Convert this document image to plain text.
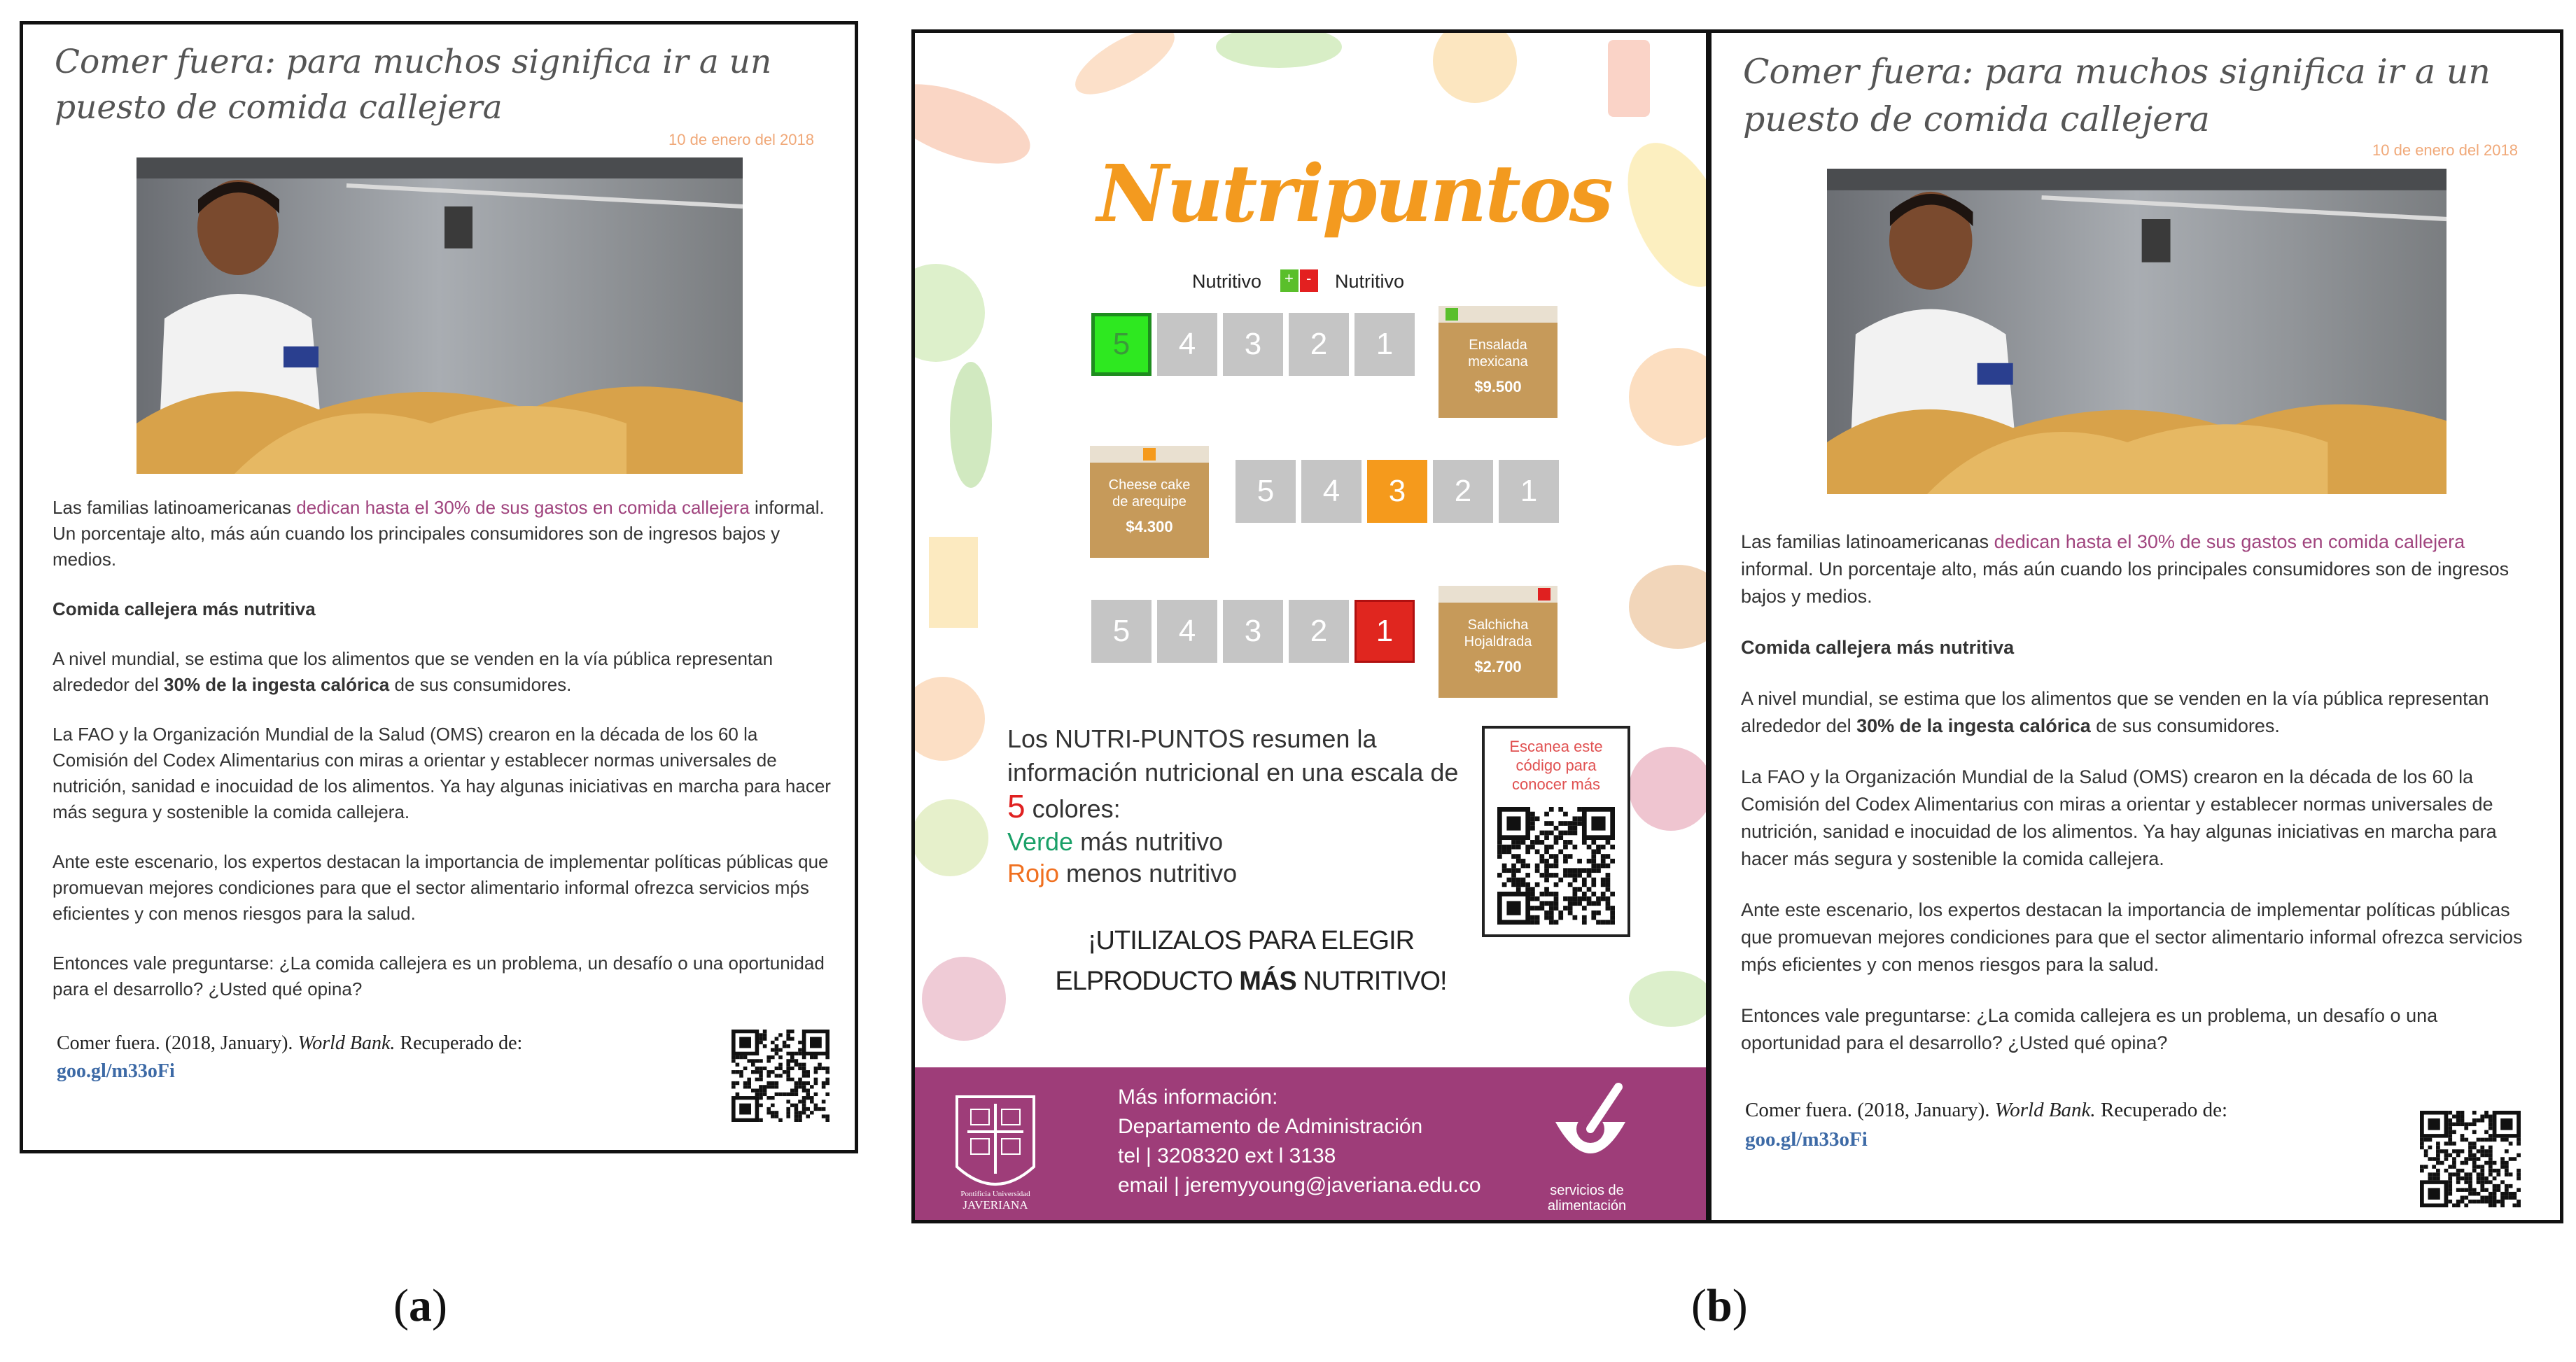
Comer fuera: para muchos significa ir a un puesto de comida callejera
10 de enero del 2018

Las familias latinoamericanas dedican hasta el 30% de sus gastos en comida callejera informal. Un porcentaje alto, más aún cuando los principales consumidores son de ingresos bajos y medios.

Comida callejera más nutritiva

A nivel mundial, se estima que los alimentos que se venden en la vía pública representan alrededor del 30% de la ingesta calórica de sus consumidores.

La FAO y la Organización Mundial de la Salud (OMS) crearon en la década de los 60 la Comisión del Codex Alimentarius con miras a orientar y establecer normas universales de nutrición, sanidad e inocuidad de los alimentos. Ya hay algunas iniciativas en marcha para hacer más segura y sostenible la comida callejera.

Ante este escenario, los expertos destacan la importancia de implementar políticas públicas que promuevan mejores condiciones para que el sector alimentario informal ofrezca servicios mṕs eficientes y con menos riesgos para la salud.

Entonces vale preguntarse: ¿La comida callejera es un problema, un desafío o una oportunidad para el desarrollo? ¿Usted qué opina?

Comer fuera. (2018, January). World Bank. Recuperado de:
goo.gl/m33oFi
Nutripuntos
Nutritivo + - Nutritivo
5	4	3	2	1
5	4	3	2	1
5	4	3	2	1
Ensalada
mexicana
$9.500
Cheese cake
de arequipe
$4.300
Salchicha
Hojaldrada
$2.700
Los NUTRI-PUNTOS resumen la información nutricional en una escala de 5 colores:
Verde más nutritivo
Rojo menos nutritivo
Escanea este
código para
conocer más
¡UTILIZALOS PARA ELEGIR
ELPRODUCTO MÁS NUTRITIVO!
Pontificia Universidad
JAVERIANA
Más información:
Departamento de Administración
tel | 3208320 ext l 3138
email | jeremyyoung@javeriana.edu.co	servicios de
alimentación
Comer fuera: para muchos significa ir a un puesto de comida callejera
10 de enero del 2018

Las familias latinoamericanas dedican hasta el 30% de sus gastos en comida callejera informal. Un porcentaje alto, más aún cuando los principales consumidores son de ingresos bajos y medios.

Comida callejera más nutritiva

A nivel mundial, se estima que los alimentos que se venden en la vía pública representan alrededor del 30% de la ingesta calórica de sus consumidores.

La FAO y la Organización Mundial de la Salud (OMS) crearon en la década de los 60 la Comisión del Codex Alimentarius con miras a orientar y establecer normas universales de nutrición, sanidad e inocuidad de los alimentos. Ya hay algunas iniciativas en marcha para hacer más segura y sostenible la comida callejera.

Ante este escenario, los expertos destacan la importancia de implementar políticas públicas que promuevan mejores condiciones para que el sector alimentario informal ofrezca servicios mṕs eficientes y con menos riesgos para la salud.

Entonces vale preguntarse: ¿La comida callejera es un problema, un desafío o una oportunidad para el desarrollo? ¿Usted qué opina?

Comer fuera. (2018, January). World Bank. Recuperado de:
goo.gl/m33oFi
(a)	(b)
